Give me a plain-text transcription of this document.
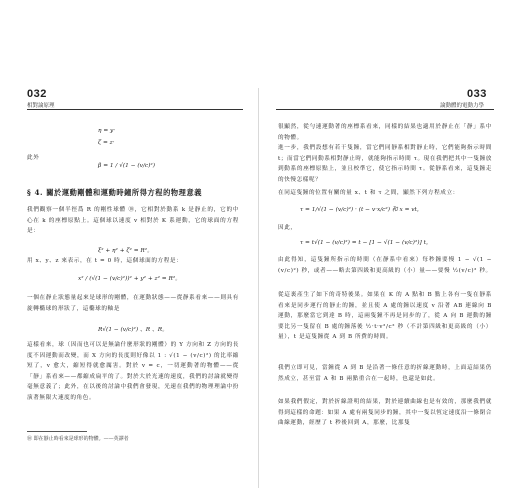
032
相對論原理
η = y·
ζ = z·
此外
β = 1 / √(1 − (v/c)²)
§ 4. 關於運動剛體和運動時鐘所得方程的物理意義
我們觀察一個半徑爲 R 的剛性球體 ⑩，它相對於動系 k 是靜止的，它的中心在 k 的座標原點上。這個球以速度 v 相對於 K 系運動，它的球面的方程是：
ξ² + η² + ζ² = R²。
用 x、y、z 來表示，在 t = 0 時，這個球面的方程是：
x² / (√(1 − (v/c)²))² + y² + z² = R²。
一個在靜止狀態量起來是球形的剛體，在運動狀態——從靜系看來——則具有旋轉橢球的形狀了，這橢球的軸是
R√(1 − (v/c)²) 、R 、R。
這樣看來，球（因而也可以是無論什麼形狀的剛體）的 Y 方向和 Z 方向的長度不因運動而改變，而 X 方向的長度則好像以 1 : √(1 − (v/c)²) 的比率縮短了，v 愈大，縮短得就愈厲害。對於 v = c，一切運動著的物體——從「靜」系看來——都縮成扁平的了。對於大於光速的速度，我們的討論就變得毫無意義了；此外，在以後的討論中我們會發現，光速在我們的物理理論中扮演著無限大速度的角色。
⑩ 即在靜止時看來是球形的物體。——英譯者
033
論動體的電動力學
很顯然，從勻速運動著的座標系看來，同樣的結果也適用於靜止在「靜」系中的物體。
進一步，我們設想有若干隻鐘，當它們同靜系相對靜止時，它們能夠指示時間 t；而當它們同動系相對靜止時，就能夠指示時間 τ。現在我們把其中一隻鐘放到動系的座標原點上，並且校準它，使它指示時間 τ。從靜系看來，這隻鐘走的快慢怎樣呢？
在同這隻鐘的位置有關的量 x、t 和 τ 之間，顯然下列方程成立：
τ = 1/√(1 − (v/c)²) · (t − v·x/c²) 和 x = vt，
因此，
τ = t√(1 − (v/c)²) = t − [1 − √(1 − (v/c)²)] t，
由此得知，這隻鐘所指示的時間（在靜系中看來）每秒鐘要慢 1 − √(1 − (v/c)²) 秒，或者——略去第四級和更高級的（小）量——要慢 ½(v/c)² 秒。
從這裏產生了如下的奇特後果。如果在 K 的 A 點和 B 點上各有一隻在靜系看來是同步運行的靜止的鐘，並且使 A 處的鐘以速度 v 沿著 AB 連線向 B 運動，那麼當它到達 B 時，這兩隻鐘不再是同步的了，從 A 向 B 運動的鐘要比另一隻留在 B 處的鐘落後 ½·t·v²/c² 秒（不計第四級和更高級的（小）量），t 是這隻鐘從 A 到 B 所費的時間。
我們立即可見，當鐘從 A 到 B 是沿著一條任意的折線運動時，上面這結果仍然成立，甚至當 A 和 B 兩點重合在一起時，也還是如此。
如果我們假定，對於折線證明的結果，對於連續曲線也是有效的，那麼我們就得到這樣的命題：如果 A 處有兩隻同步的鐘，其中一隻以恆定速度沿一條閉合曲線運動，經歷了 t 秒後回到 A，那麼，比那隻
